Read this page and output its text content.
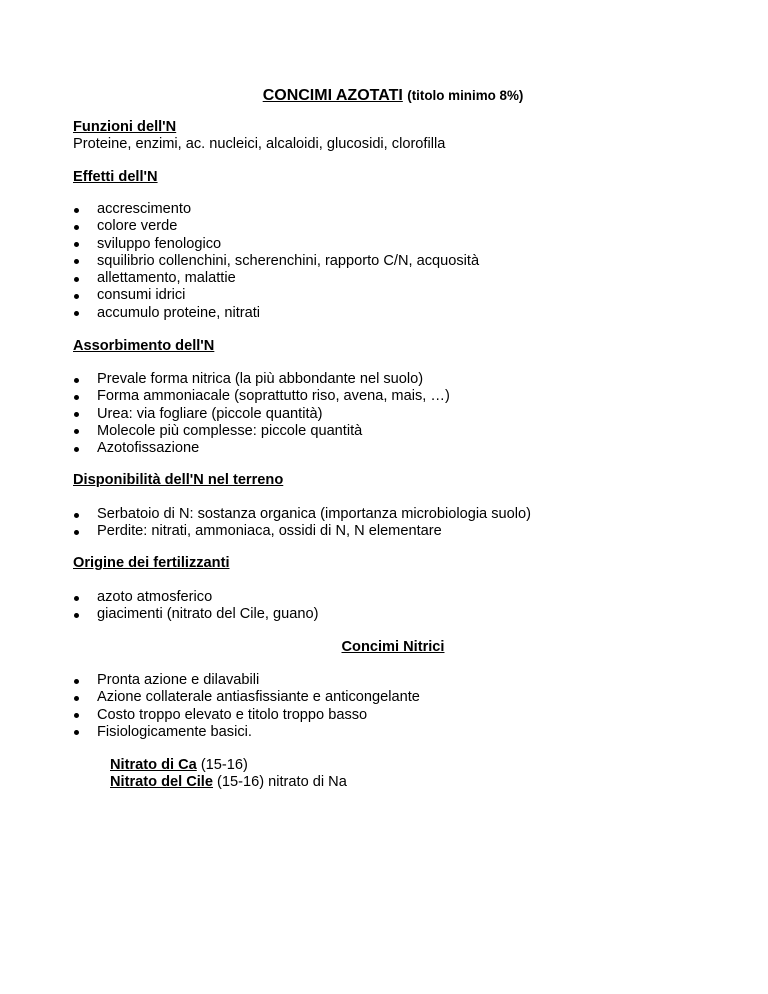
CONCIMI AZOTATI (titolo minimo 8%)

Funzioni dell'N

Proteine, enzimi, ac. nucleici, alcaloidi, glucosidi, clorofilla

Effetti dell'N

accrescimento
colore verde
sviluppo fenologico
squilibrio collenchini, scherenchini, rapporto C/N, acquosità
allettamento, malattie
consumi idrici
accumulo proteine, nitrati

Assorbimento dell'N

Prevale forma nitrica (la più abbondante nel suolo)
Forma ammoniacale (soprattutto riso, avena, mais, …)
Urea: via fogliare (piccole quantità)
Molecole più complesse: piccole quantità
Azotofissazione

Disponibilità dell'N nel terreno

Serbatoio di N: sostanza organica (importanza microbiologia suolo)
Perdite: nitrati, ammoniaca, ossidi di N, N elementare

Origine dei fertilizzanti

azoto atmosferico
giacimenti (nitrato del Cile, guano)
Concimi Nitrici
Pronta azione e dilavabili
Azione collaterale antiasfissiante e anticongelante
Costo troppo elevato e titolo troppo basso
Fisiologicamente basici.
Nitrato di Ca (15-16)
Nitrato del Cile (15-16) nitrato di Na
